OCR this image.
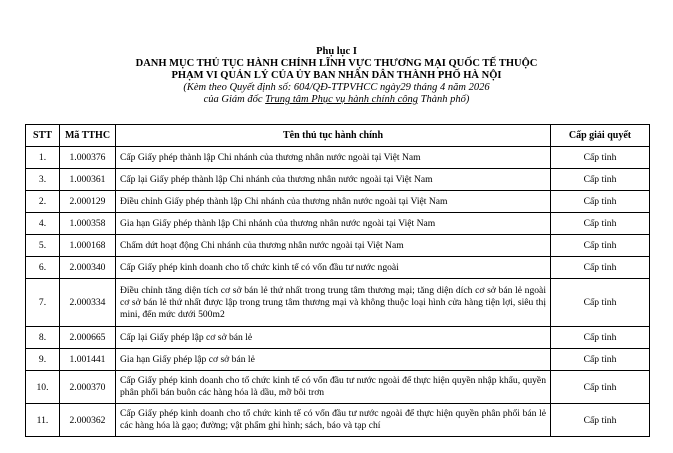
Phụ lục I
DANH MỤC THỦ TỤC HÀNH CHÍNH LĨNH VỰC THƯƠNG MẠI QUỐC TẾ THUỘC
PHẠM VI QUẢN LÝ CỦA ỦY BAN NHÂN DÂN THÀNH PHỐ HÀ NỘI
(Kèm theo Quyết định số: 604/QĐ-TTPVHCC ngày29 tháng 4 năm 2026
của Giám đốc Trung tâm Phục vụ hành chính công Thành phố)
STT	Mã TTHC	Tên thủ tục hành chính	Cấp giải quyết
1.	1.000376	Cấp Giấy phép thành lập Chi nhánh của thương nhân nước ngoài tại Việt Nam	Cấp tỉnh
3.	1.000361	Cấp lại Giấy phép thành lập Chi nhánh của thương nhân nước ngoài tại Việt Nam	Cấp tỉnh
2.	2.000129	Điều chỉnh Giấy phép thành lập Chi nhánh của thương nhân nước ngoài tại Việt Nam	Cấp tỉnh
4.	1.000358	Gia hạn Giấy phép thành lập Chi nhánh của thương nhân nước ngoài tại Việt Nam	Cấp tỉnh
5.	1.000168	Chấm dứt hoạt động Chi nhánh của thương nhân nước ngoài tại Việt Nam	Cấp tỉnh
6.	2.000340	Cấp Giấy phép kinh doanh cho tổ chức kinh tế có vốn đầu tư nước ngoài	Cấp tỉnh
7.	2.000334	Điều chỉnh tăng diện tích cơ sở bán lẻ thứ nhất trong trung tâm thương mại; tăng diện dích cơ sở bán lẻ ngoài cơ sở bán lẻ thứ nhất được lập trong trung tâm thương mại và không thuộc loại hình cửa hàng tiện lợi, siêu thị mini, đến mức dưới 500m2	Cấp tỉnh
8.	2.000665	Cấp lại Giấy phép lập cơ sở bán lẻ	Cấp tỉnh
9.	1.001441	Gia hạn Giấy phép lập cơ sở bán lẻ	Cấp tỉnh
10.	2.000370	Cấp Giấy phép kinh doanh cho tổ chức kinh tế có vốn đầu tư nước ngoài để thực hiện quyền nhập khẩu, quyền phân phối bán buôn các hàng hóa là dầu, mỡ bôi trơn	Cấp tỉnh
11.	2.000362	Cấp Giấy phép kinh doanh cho tổ chức kinh tế có vốn đầu tư nước ngoài để thực hiện quyền phân phối bán lẻ các hàng hóa là gạo; đường; vật phẩm ghi hình; sách, báo và tạp chí	Cấp tỉnh
